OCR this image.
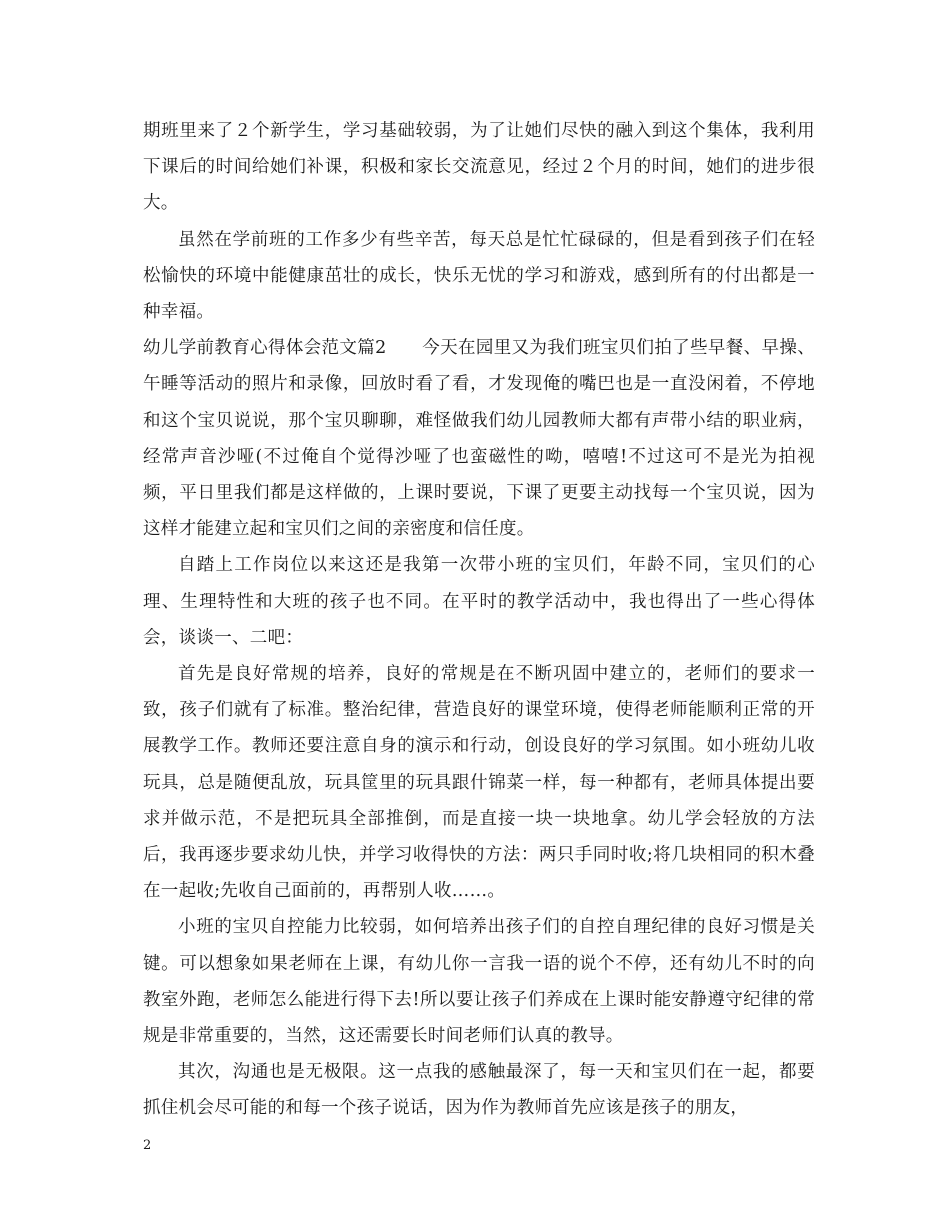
期班里来了２个新学生，学习基础较弱，为了让她们尽快的融入到这个集体，我利用下课后的时间给她们补课，积极和家长交流意见，经过２个月的时间，她们的进步很大。

虽然在学前班的工作多少有些辛苦，每天总是忙忙碌碌的，但是看到孩子们在轻松愉快的环境中能健康茁壮的成长，快乐无忧的学习和游戏，感到所有的付出都是一种幸福。

幼儿学前教育心得体会范文篇2　　今天在园里又为我们班宝贝们拍了些早餐、早操、午睡等活动的照片和录像，回放时看了看，才发现俺的嘴巴也是一直没闲着，不停地和这个宝贝说说，那个宝贝聊聊，难怪做我们幼儿园教师大都有声带小结的职业病，经常声音沙哑(不过俺自个觉得沙哑了也蛮磁性的呦，嘻嘻!不过这可不是光为拍视频，平日里我们都是这样做的，上课时要说，下课了更要主动找每一个宝贝说，因为这样才能建立起和宝贝们之间的亲密度和信任度。

自踏上工作岗位以来这还是我第一次带小班的宝贝们，年龄不同，宝贝们的心理、生理特性和大班的孩子也不同。在平时的教学活动中，我也得出了一些心得体会，谈谈一、二吧：

首先是良好常规的培养，良好的常规是在不断巩固中建立的，老师们的要求一致，孩子们就有了标准。整治纪律，营造良好的课堂环境，使得老师能顺利正常的开展教学工作。教师还要注意自身的演示和行动，创设良好的学习氛围。如小班幼儿收玩具，总是随便乱放，玩具筐里的玩具跟什锦菜一样，每一种都有，老师具体提出要求并做示范，不是把玩具全部推倒，而是直接一块一块地拿。幼儿学会轻放的方法后，我再逐步要求幼儿快，并学习收得快的方法：两只手同时收;将几块相同的积木叠在一起收;先收自己面前的，再帮别人收……。

小班的宝贝自控能力比较弱，如何培养出孩子们的自控自理纪律的良好习惯是关键。可以想象如果老师在上课，有幼儿你一言我一语的说个不停，还有幼儿不时的向教室外跑，老师怎么能进行得下去!所以要让孩子们养成在上课时能安静遵守纪律的常规是非常重要的，当然，这还需要长时间老师们认真的教导。

其次，沟通也是无极限。这一点我的感触最深了，每一天和宝贝们在一起，都要抓住机会尽可能的和每一个孩子说话，因为作为教师首先应该是孩子的朋友，

2
